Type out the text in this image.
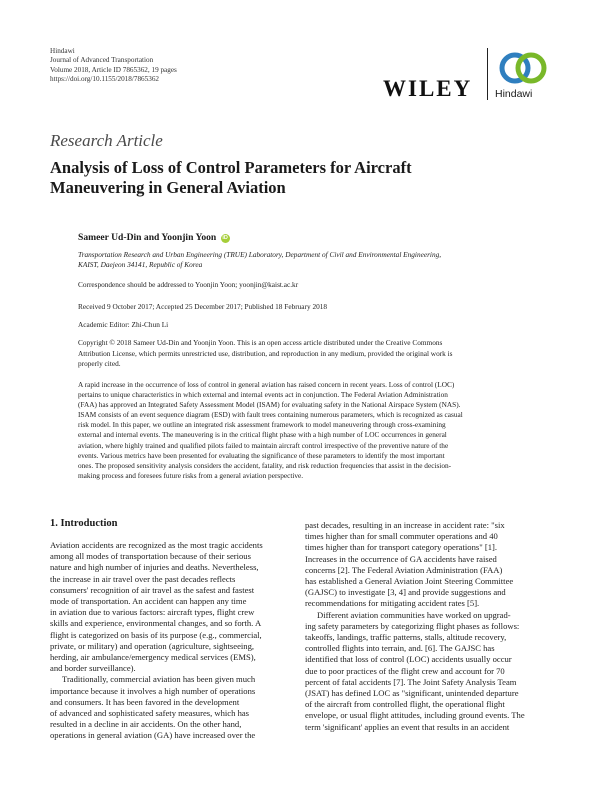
Hindawi
Journal of Advanced Transportation
Volume 2018, Article ID 7865362, 19 pages
https://doi.org/10.1155/2018/7865362	WILEY Hindawi
Research Article
Analysis of Loss of Control Parameters for Aircraft
Maneuvering in General Aviation
Sameer Ud-Din and Yoonjin Yoon iD
Transportation Research and Urban Engineering (TRUE) Laboratory, Department of Civil and Environmental Engineering,
KAIST, Daejeon 34141, Republic of Korea
Correspondence should be addressed to Yoonjin Yoon; yoonjin@kaist.ac.kr
Received 9 October 2017; Accepted 25 December 2017; Published 18 February 2018
Academic Editor: Zhi-Chun Li
Copyright © 2018 Sameer Ud-Din and Yoonjin Yoon. This is an open access article distributed under the Creative Commons
Attribution License, which permits unrestricted use, distribution, and reproduction in any medium, provided the original work is
properly cited.
A rapid increase in the occurrence of loss of control in general aviation has raised concern in recent years. Loss of control (LOC)
pertains to unique characteristics in which external and internal events act in conjunction. The Federal Aviation Administration
(FAA) has approved an Integrated Safety Assessment Model (ISAM) for evaluating safety in the National Airspace System (NAS).
ISAM consists of an event sequence diagram (ESD) with fault trees containing numerous parameters, which is recognized as casual
risk model. In this paper, we outline an integrated risk assessment framework to model maneuvering through cross-examining
external and internal events. The maneuvering is in the critical flight phase with a high number of LOC occurrences in general
aviation, where highly trained and qualified pilots failed to maintain aircraft control irrespective of the preventive nature of the
events. Various metrics have been presented for evaluating the significance of these parameters to identify the most important
ones. The proposed sensitivity analysis considers the accident, fatality, and risk reduction frequencies that assist in the decision-
making process and foresees future risks from a general aviation perspective.
1. Introduction
Aviation accidents are recognized as the most tragic accidents
among all modes of transportation because of their serious
nature and high number of injuries and deaths. Nevertheless,
the increase in air travel over the past decades reflects
consumers' recognition of air travel as the safest and fastest
mode of transportation. An accident can happen any time
in aviation due to various factors: aircraft types, flight crew
skills and experience, environmental changes, and so forth. A
flight is categorized on basis of its purpose (e.g., commercial,
private, or military) and operation (agriculture, sightseeing,
herding, air ambulance/emergency medical services (EMS),
and border surveillance).
Traditionally, commercial aviation has been given much
importance because it involves a high number of operations
and consumers. It has been favored in the development
of advanced and sophisticated safety measures, which has
resulted in a decline in air accidents. On the other hand,
operations in general aviation (GA) have increased over the
past decades, resulting in an increase in accident rate: "six
times higher than for small commuter operations and 40
times higher than for transport category operations" [1].
Increases in the occurrence of GA accidents have raised
concerns [2]. The Federal Aviation Administration (FAA)
has established a General Aviation Joint Steering Committee
(GAJSC) to investigate [3, 4] and provide suggestions and
recommendations for mitigating accident rates [5].
Different aviation communities have worked on upgrad-
ing safety parameters by categorizing flight phases as follows:
takeoffs, landings, traffic patterns, stalls, altitude recovery,
controlled flights into terrain, and. [6]. The GAJSC has
identified that loss of control (LOC) accidents usually occur
due to poor practices of the flight crew and account for 70
percent of fatal accidents [7]. The Joint Safety Analysis Team
(JSAT) has defined LOC as "significant, unintended departure
of the aircraft from controlled flight, the operational flight
envelope, or usual flight attitudes, including ground events. The
term 'significant' applies an event that results in an accident
